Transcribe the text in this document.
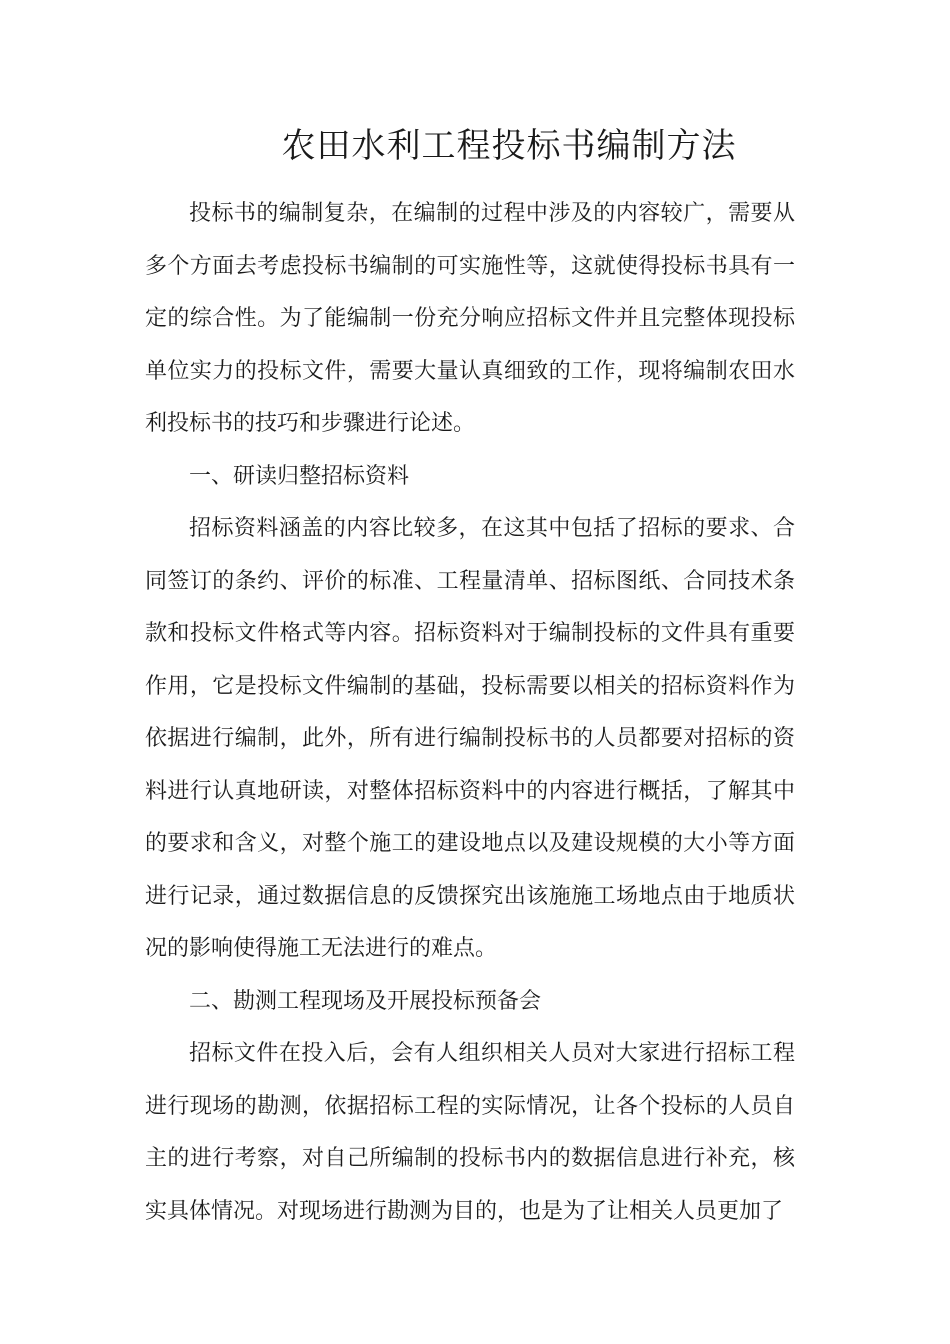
农田水利工程投标书编制方法

投标书的编制复杂，在编制的过程中涉及的内容较广，需要从多个方面去考虑投标书编制的可实施性等，这就使得投标书具有一定的综合性。为了能编制一份充分响应招标文件并且完整体现投标单位实力的投标文件，需要大量认真细致的工作，现将编制农田水利投标书的技巧和步骤进行论述。

一、研读归整招标资料

招标资料涵盖的内容比较多，在这其中包括了招标的要求、合同签订的条约、评价的标准、工程量清单、招标图纸、合同技术条款和投标文件格式等内容。招标资料对于编制投标的文件具有重要作用，它是投标文件编制的基础，投标需要以相关的招标资料作为依据进行编制，此外，所有进行编制投标书的人员都要对招标的资料进行认真地研读，对整体招标资料中的内容进行概括，了解其中的要求和含义，对整个施工的建设地点以及建设规模的大小等方面进行记录，通过数据信息的反馈探究出该施施工场地点由于地质状况的影响使得施工无法进行的难点。

二、勘测工程现场及开展投标预备会

招标文件在投入后，会有人组织相关人员对大家进行招标工程进行现场的勘测，依据招标工程的实际情况，让各个投标的人员自主的进行考察，对自己所编制的投标书内的数据信息进行补充，核实具体情况。对现场进行勘测为目的，也是为了让相关人员更加了
